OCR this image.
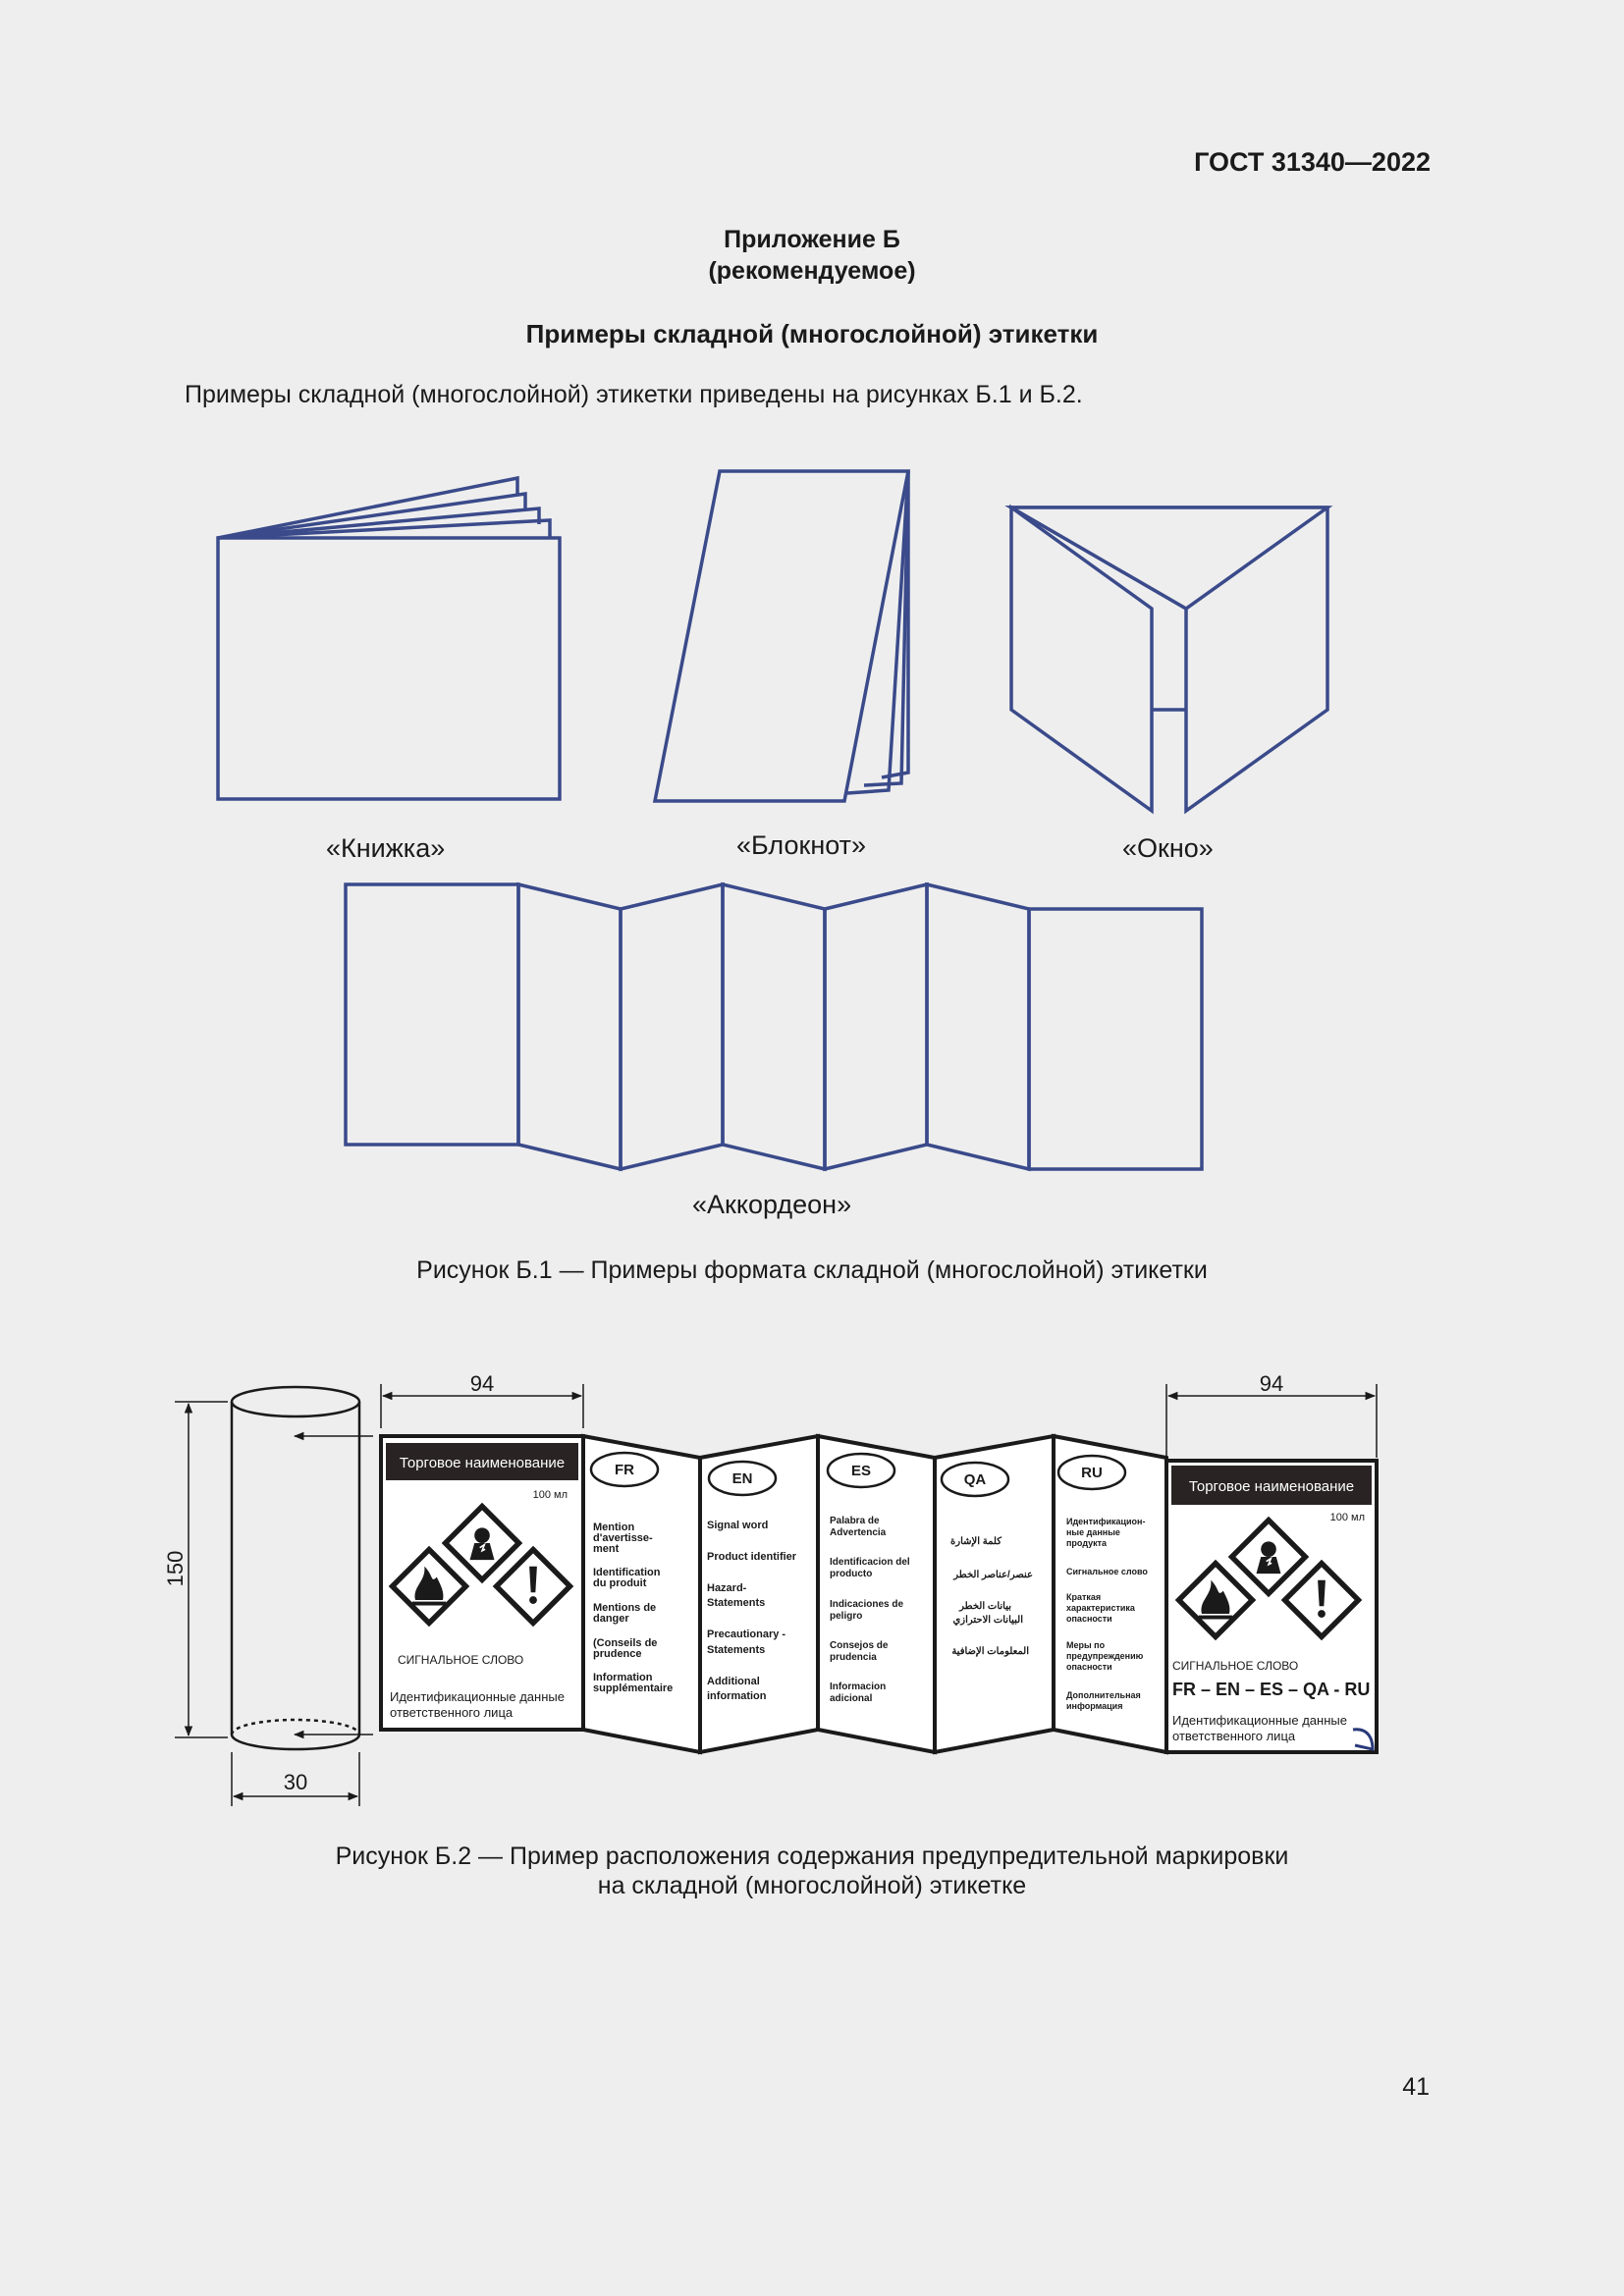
ГОСТ 31340—2022
Приложение Б
(рекомендуемое)
Примеры складной (многослойной) этикетки
Примеры складной (многослойной) этикетки приведены на рисунках Б.1 и Б.2.
«Книжка»	«Блокнот»	«Окно»
«Аккордеон»
Рисунок Б.1 — Примеры формата складной (многослойной) этикетки
94	94
150
30
Торговое наименование
100 мл
СИГНАЛЬНОЕ СЛОВО
Идентификационные данные
ответственного лица
FR
EN	ES
QA	RU
Mention
d'avertisse-
ment
Identification
du produit
Mentions de
danger
(Conseils de
prudence
Information
supplémentaire
Signal word
Product identifier
Hazard-
Statements
Precautionary -
Statements
Additional
information
Palabra de
Advertencia
Identificacion del
producto
Indicaciones de
peligro
Consejos de
prudencia
Informacion
adicional
كلمة الإشارة
عنصر/عناصر الخطر
بيانات الخطر
البيانات الاحترازي
المعلومات الإضافية
Идентификацион-
ные данные
продукта
Сигнальное слово
Краткая
характеристика
опасности
Меры по
предупреждению
опасности
Дополнительная
информация
Торговое наименование
100 мл
СИГНАЛЬНОЕ СЛОВО
FR – EN – ES – QA - RU
Идентификационные данные
ответственного лица
Рисунок Б.2 — Пример расположения содержания предупредительной маркировки
на складной (многослойной) этикетке
41
